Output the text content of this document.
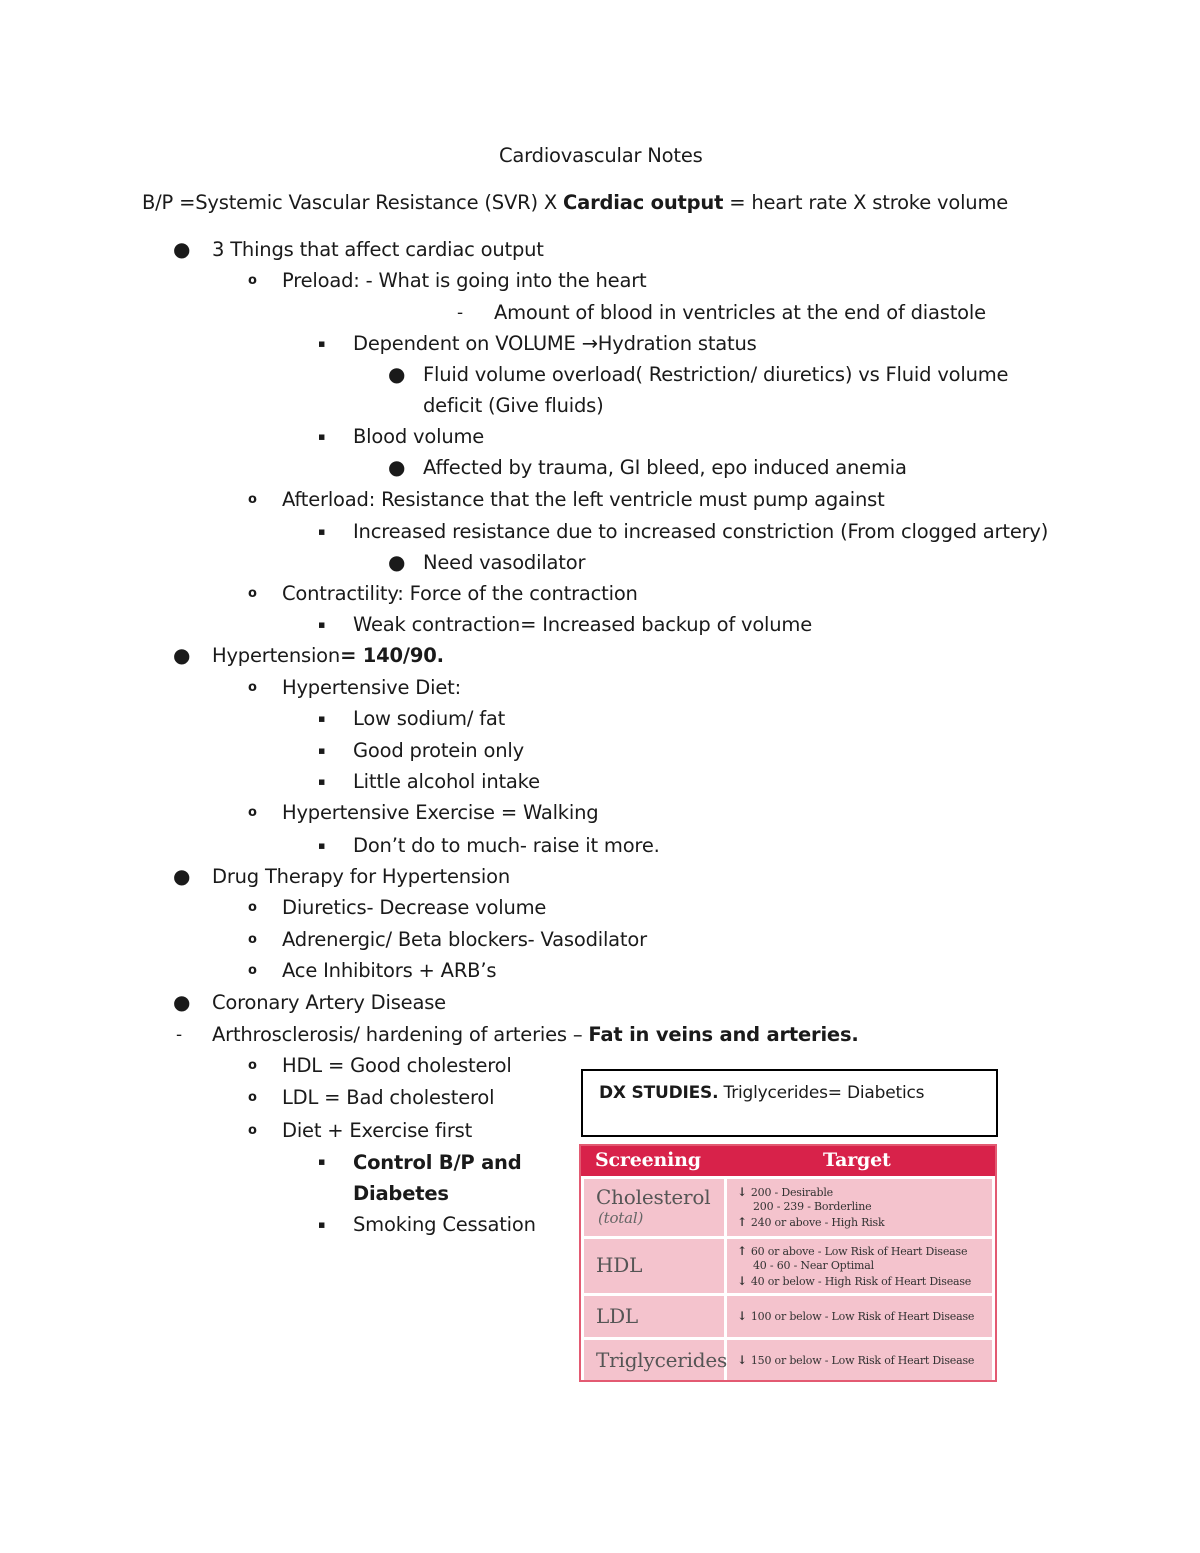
Cardiovascular Notes
B/P =Systemic Vascular Resistance (SVR) X Cardiac output = heart rate X stroke volume
● 3 Things that affect cardiac output
o Preload: - What is going into the heart
- Amount of blood in ventricles at the end of diastole
▪ Dependent on VOLUME →Hydration status
● Fluid volume overload( Restriction/ diuretics) vs Fluid volume
deficit (Give fluids)
▪ Blood volume
● Affected by trauma, GI bleed, epo induced anemia
o Afterload: Resistance that the left ventricle must pump against
▪ Increased resistance due to increased constriction (From clogged artery)
● Need vasodilator
o Contractility: Force of the contraction
▪ Weak contraction= Increased backup of volume
● Hypertension= 140/90.
o Hypertensive Diet:
▪ Low sodium/ fat
▪ Good protein only
▪ Little alcohol intake
o Hypertensive Exercise = Walking
▪ Don’t do to much- raise it more.
● Drug Therapy for Hypertension
o Diuretics- Decrease volume
o Adrenergic/ Beta blockers- Vasodilator
o Ace Inhibitors + ARB’s
● Coronary Artery Disease
- Arthrosclerosis/ hardening of arteries – Fat in veins and arteries.
o HDL = Good cholesterol
o LDL = Bad cholesterol
o Diet + Exercise first
▪ Control B/P and
Diabetes
▪ Smoking Cessation
DX STUDIES. Triglycerides= Diabetics
Screening	Target
Cholesterol
(total)
↓ 200 - Desirable
200 - 239 - Borderline
↑ 240 or above - High Risk
HDL
↑ 60 or above - Low Risk of Heart Disease
40 - 60 - Near Optimal
↓ 40 or below - High Risk of Heart Disease
LDL	↓ 100 or below - Low Risk of Heart Disease
Triglycerides ↓ 150 or below - Low Risk of Heart Disease
